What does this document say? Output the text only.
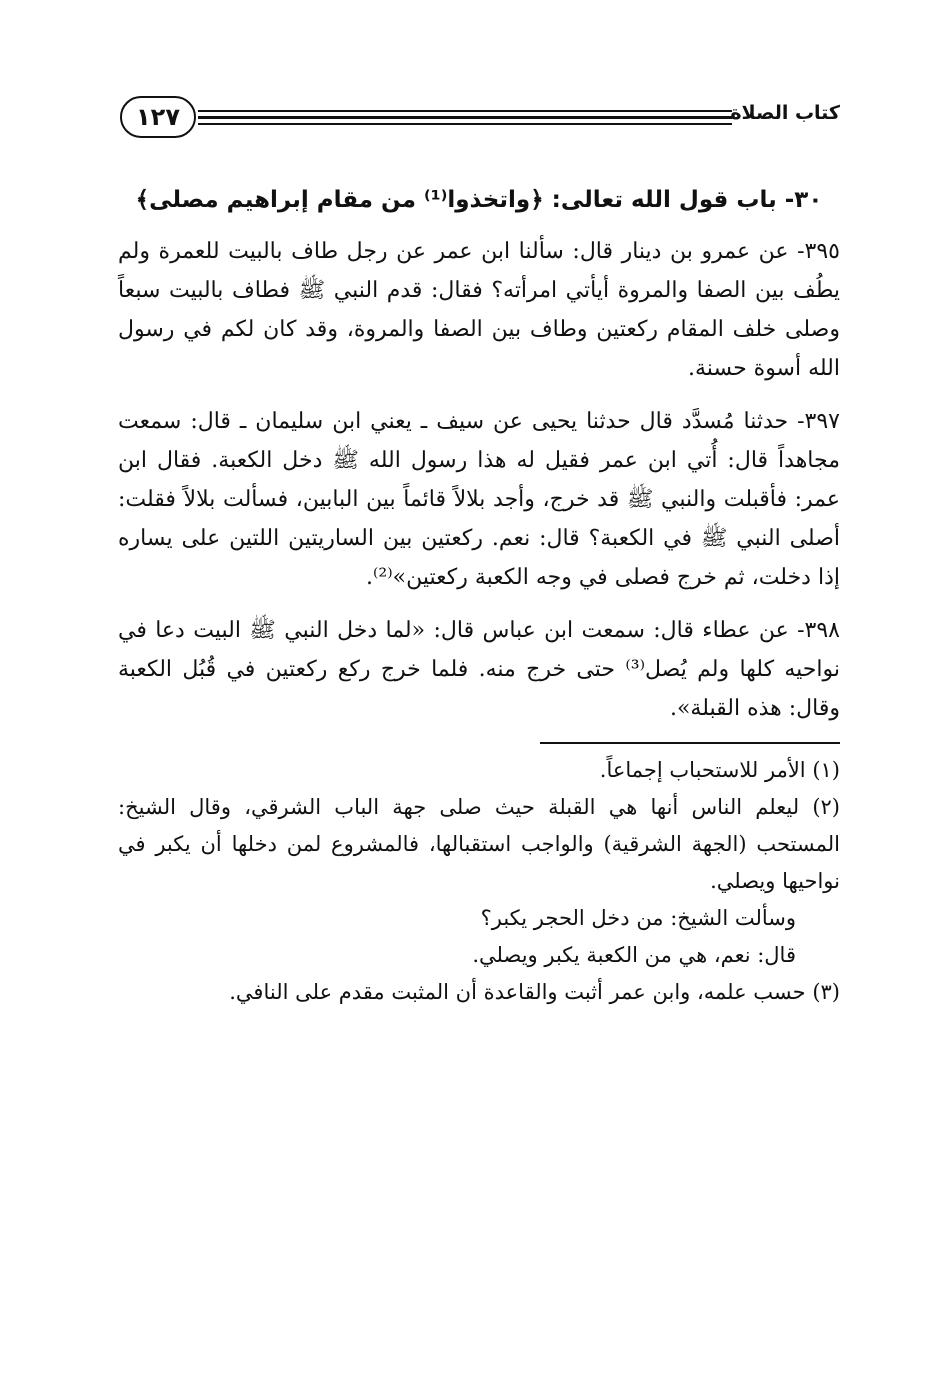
١٢٧	كتاب الصلاة
٣٠- باب قول الله تعالى: ﴿واتخذوا⁽¹⁾ من مقام إبراهيم مصلى﴾

٣٩٥- عن عمرو بن دينار قال: سألنا ابن عمر عن رجل طاف بالبيت للعمرة ولم يطُف بين الصفا والمروة أيأتي امرأته؟ فقال: قدم النبي ﷺ فطاف بالبيت سبعاً وصلى خلف المقام ركعتين وطاف بين الصفا والمروة، وقد كان لكم في رسول الله أسوة حسنة.

٣٩٧- حدثنا مُسدَّد قال حدثنا يحيى عن سيف ـ يعني ابن سليمان ـ قال: سمعت مجاهداً قال: أُتي ابن عمر فقيل له هذا رسول الله ﷺ دخل الكعبة. فقال ابن عمر: فأقبلت والنبي ﷺ قد خرج، وأجد بلالاً قائماً بين البابين، فسألت بلالاً فقلت: أصلى النبي ﷺ في الكعبة؟ قال: نعم. ركعتين بين الساريتين اللتين على يساره إذا دخلت، ثم خرج فصلى في وجه الكعبة ركعتين»⁽²⁾.

٣٩٨- عن عطاء قال: سمعت ابن عباس قال: «لما دخل النبي ﷺ البيت دعا في نواحيه كلها ولم يُصل⁽³⁾ حتى خرج منه. فلما خرج ركع ركعتين في قُبُل الكعبة وقال: هذه القبلة».

(١) الأمر للاستحباب إجماعاً.

(٢) ليعلم الناس أنها هي القبلة حيث صلى جهة الباب الشرقي، وقال الشيخ: المستحب (الجهة الشرقية) والواجب استقبالها، فالمشروع لمن دخلها أن يكبر في نواحيها ويصلي.

وسألت الشيخ: من دخل الحجر يكبر؟

قال: نعم، هي من الكعبة يكبر ويصلي.

(٣) حسب علمه، وابن عمر أثبت والقاعدة أن المثبت مقدم على النافي.
